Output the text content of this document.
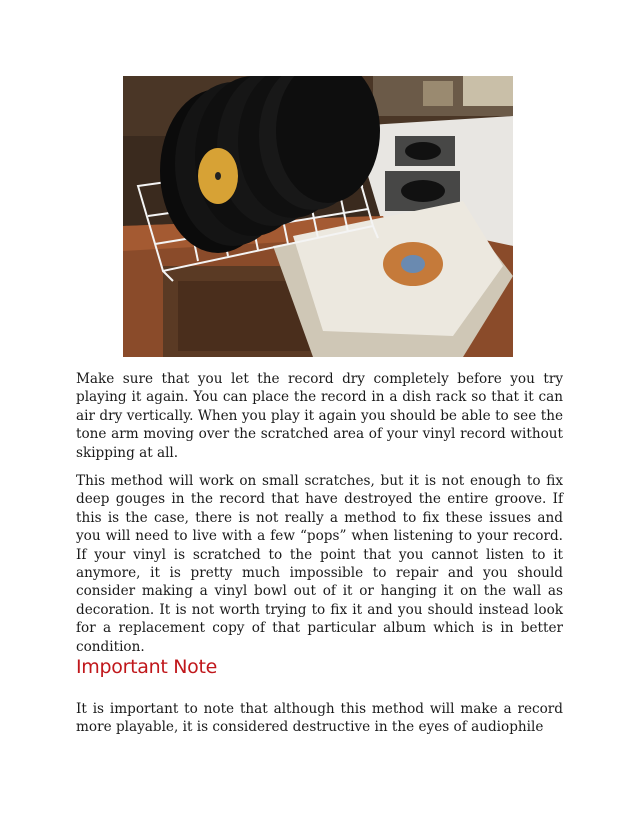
Make sure that you let the record dry completely before you try playing it again. You can place the record in a dish rack so that it can air dry vertically. When you play it again you should be able to see the tone arm moving over the scratched area of your vinyl record without skipping at all.

This method will work on small scratches, but it is not enough to fix deep gouges in the record that have destroyed the entire groove. If this is the case, there is not really a method to fix these issues and you will need to live with a few “pops” when listening to your record. If your vinyl is scratched to the point that you cannot listen to it anymore, it is pretty much impossible to repair and you should consider making a vinyl bowl out of it or hanging it on the wall as decoration. It is not worth trying to fix it and you should instead look for a replacement copy of that particular album which is in better condition.

Important Note

It is important to note that although this method will make a record more playable, it is considered destructive in the eyes of audiophile
